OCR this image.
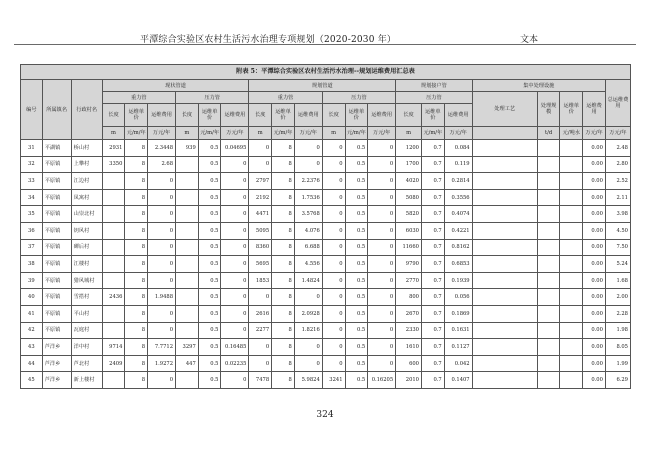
平潭综合实验区农村生活污水治理专项规划（2020-2030 年）	文本
附表 5：平潭综合实验区农村生活污水治理--规划运维费用汇总表																						
编号	所属镇名	行政村名	现状管道						规划管道						规划接户管			集中处理设施				总运维费用
			重力管			压力管			重力管			压力管			压力管			处理工艺	处理规模	运维单价	运维费用	
			长度	运维单价	运维费用	长度	运维单价	运维费用	长度	运维单价	运维费用	长度	运维单价	运维费用	长度	运维单价	运维费用					
			m	元/m/年	万元/年	m	元/m/年	万元/年	m	元/m/年	万元/年	m	元/m/年	万元/年	m	元/m/年	万元/年		t/d	元/吨水	万元/年	万元/年
31	平湖镇	桥山村	2931	8	2.3448	939	0.5	0.04695	0	8	0	0	0.5	0	1200	0.7	0.084				0.00	2.48
32	平原镇	上攀村	3350	8	2.68		0.5	0	0	8	0	0	0.5	0	1700	0.7	0.119				0.00	2.80
33	平原镇	江边村		8	0		0.5	0	2797	8	2.2376	0	0.5	0	4020	0.7	0.2814				0.00	2.52
34	平原镇	凤寓村		8	0		0.5	0	2192	8	1.7536	0	0.5	0	5080	0.7	0.3556				0.00	2.11
35	平原镇	山崇北村		8	0		0.5	0	4471	8	3.5768	0	0.5	0	5820	0.7	0.4074				0.00	3.98
36	平原镇	钥风村		8	0		0.5	0	5095	8	4.076	0	0.5	0	6030	0.7	0.4221				0.00	4.50
37	平原镇	磹后村		8	0		0.5	0	8360	8	6.688	0	0.5	0	11660	0.7	0.8162				0.00	7.50
38	平原镇	江楼村		8	0		0.5	0	5695	8	4.556	0	0.5	0	9790	0.7	0.6853				0.00	5.24
39	平原镇	猎风城村		8	0		0.5	0	1853	8	1.4824	0	0.5	0	2770	0.7	0.1939				0.00	1.68
40	平原镇	雪搭村	2436	8	1.9488		0.5	0	0	8	0	0	0.5	0	800	0.7	0.056				0.00	2.00
41	平原镇	平山村		8	0		0.5	0	2616	8	2.0928	0	0.5	0	2670	0.7	0.1869				0.00	2.28
42	平原镇	瓦庭村		8	0		0.5	0	2277	8	1.8216	0	0.5	0	2330	0.7	0.1631				0.00	1.98
43	芦洋乡	洋中村	9714	8	7.7712	3297	0.5	0.16485	0	8	0	0	0.5	0	1610	0.7	0.1127				0.00	8.05
44	芦洋乡	芦北村	2409	8	1.9272	447	0.5	0.02235	0	8	0	0	0.5	0	600	0.7	0.042				0.00	1.99
45	芦洋乡	新上楼村		8	0		0.5	0	7478	8	5.9824	3241	0.5	0.16205	2010	0.7	0.1407				0.00	6.29
324
